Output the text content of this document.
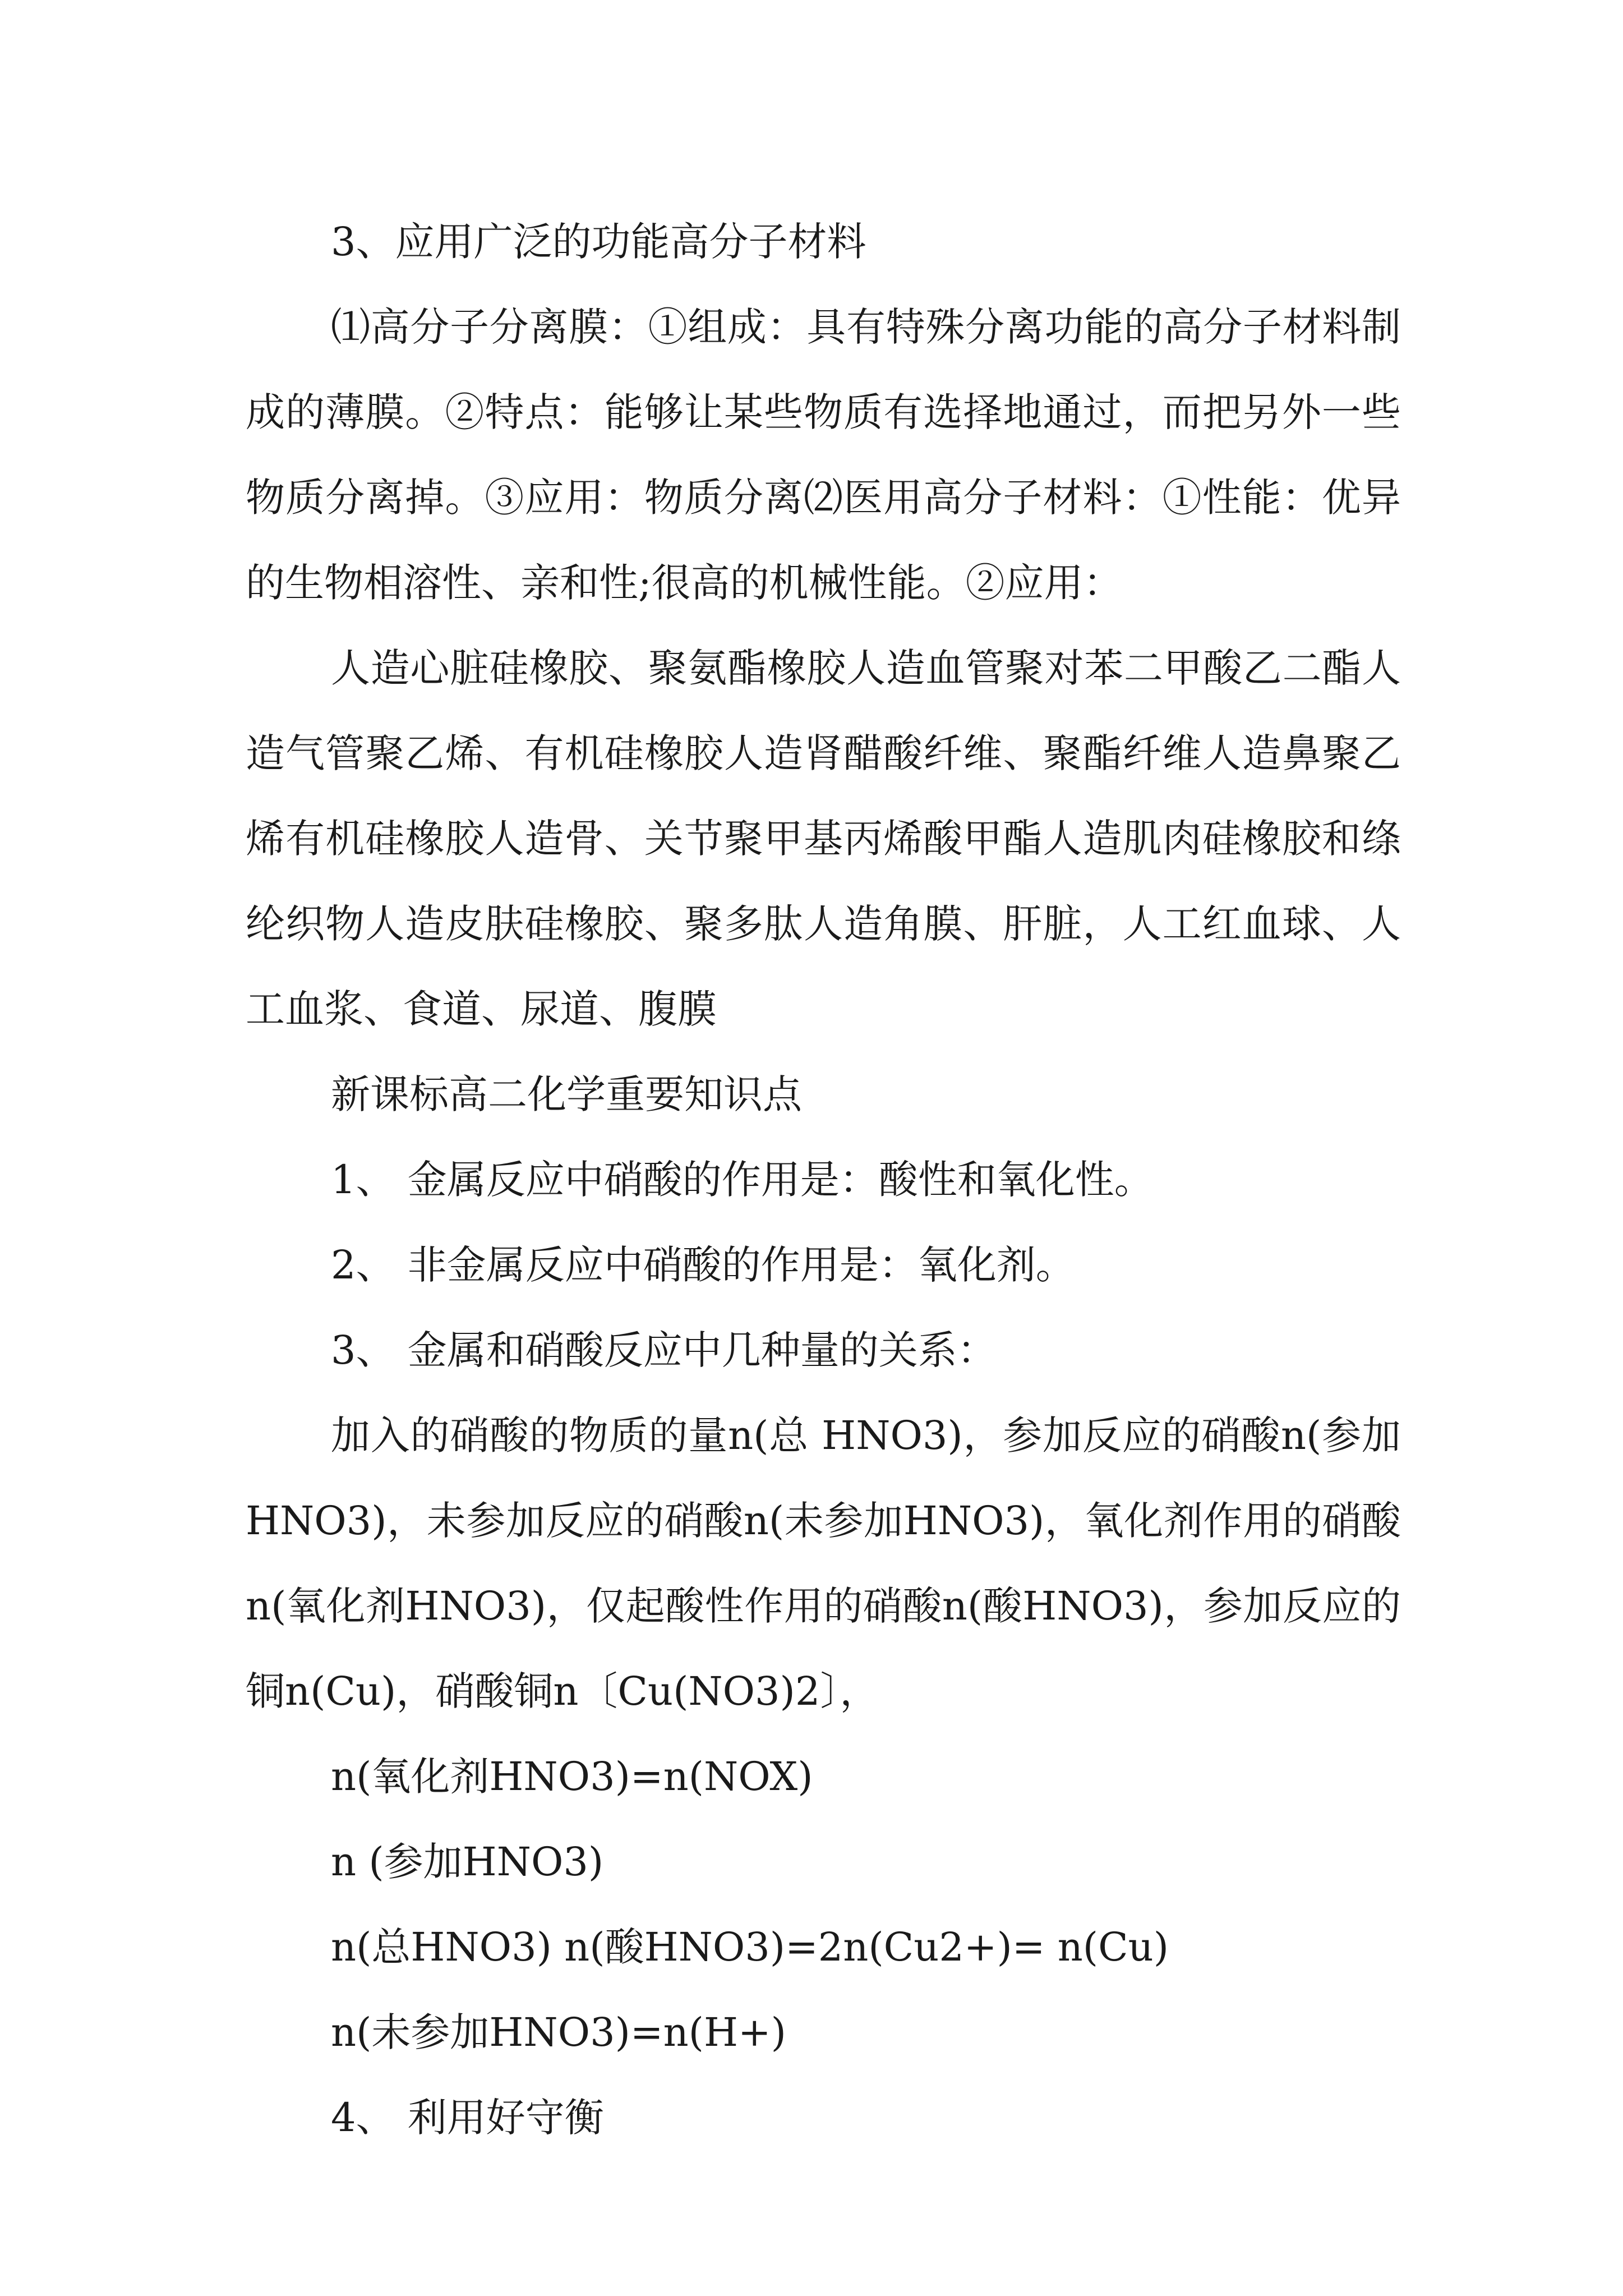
3、应用广泛的功能高分子材料

⑴高分子分离膜：①组成：具有特殊分离功能的高分子材料制成的薄膜。②特点：能够让某些物质有选择地通过，而把另外一些物质分离掉。③应用：物质分离⑵医用高分子材料：①性能：优异的生物相溶性、亲和性;很高的机械性能。②应用：

人造心脏硅橡胶、聚氨酯橡胶人造血管聚对苯二甲酸乙二酯人造气管聚乙烯、有机硅橡胶人造肾醋酸纤维、聚酯纤维人造鼻聚乙烯有机硅橡胶人造骨、关节聚甲基丙烯酸甲酯人造肌肉硅橡胶和绦纶织物人造皮肤硅橡胶、聚多肽人造角膜、肝脏，人工红血球、人工血浆、食道、尿道、腹膜

新课标高二化学重要知识点

1、 金属反应中硝酸的作用是：酸性和氧化性。

2、 非金属反应中硝酸的作用是：氧化剂。

3、 金属和硝酸反应中几种量的关系：

加入的硝酸的物质的量n(总 HNO3)，参加反应的硝酸n(参加HNO3)，未参加反应的硝酸n(未参加HNO3)，氧化剂作用的硝酸n(氧化剂HNO3)，仅起酸性作用的硝酸n(酸HNO3)，参加反应的铜n(Cu)，硝酸铜n〔Cu(NO3)2〕，

n(氧化剂HNO3)=n(NOX)

n (参加HNO3)

n(总HNO3) n(酸HNO3)=2n(Cu2+)= n(Cu)

n(未参加HNO3)=n(H+)

4、 利用好守衡
